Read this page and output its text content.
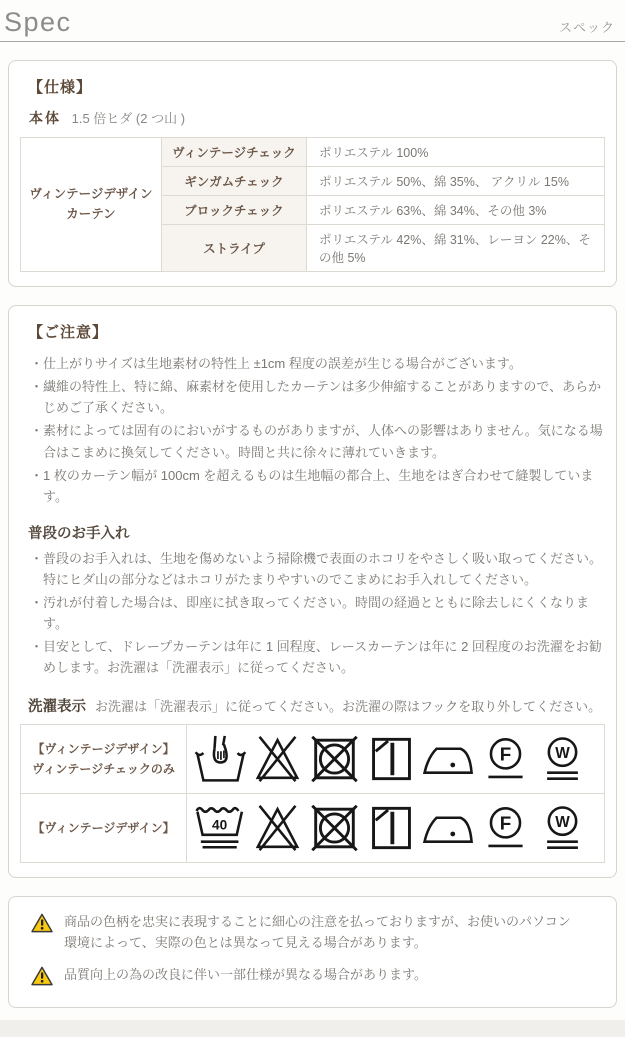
Spec	スペック
【仕様】

本体 1.5 倍ヒダ (2 つ山 )

ヴィンテージデザイン
カーテン	ヴィンテージチェック	ポリエステル 100%
	ギンガムチェック	ポリエステル 50%、綿 35%、 アクリル 15%
	ブロックチェック	ポリエステル 63%、綿 34%、その他 3%
	ストライプ	ポリエステル 42%、綿 31%、レーヨン 22%、その他 5%
【ご注意】
・ 仕上がりサイズは生地素材の特性上 ±1cm 程度の誤差が生じる場合がございます。
・ 繊維の特性上、特に綿、麻素材を使用したカーテンは多少伸縮することがありますので、あらかじめご了承ください。
・ 素材によっては固有のにおいがするものがありますが、人体への影響はありません。気になる場合はこまめに換気してください。時間と共に徐々に薄れていきます。
・ 1 枚のカーテン幅が 100cm を超えるものは生地幅の都合上、生地をはぎ合わせて縫製しています。
普段のお手入れ
・ 普段のお手入れは、生地を傷めないよう掃除機で表面のホコリをやさしく吸い取ってください。特にヒダ山の部分などはホコリがたまりやすいのでこまめにお手入れしてください。
・ 汚れが付着した場合は、即座に拭き取ってください。時間の経過とともに除去しにくくなります。
・ 目安として、ドレープカーテンは年に 1 回程度、レースカーテンは年に 2 回程度のお洗濯をお勧めします。お洗濯は「洗濯表示」に従ってください。
洗濯表示 お洗濯は「洗濯表示」に従ってください。お洗濯の際はフックを取り外してください。
【ヴィンテージデザイン】
ヴィンテージチェックのみ	F W

【ヴィンテージデザイン】	40 F W

商品の色柄を忠実に表現することに細心の注意を払っておりますが、お使いのパソコン環境によって、実際の色とは異なって見える場合があります。

品質向上の為の改良に伴い一部仕様が異なる場合があります。
